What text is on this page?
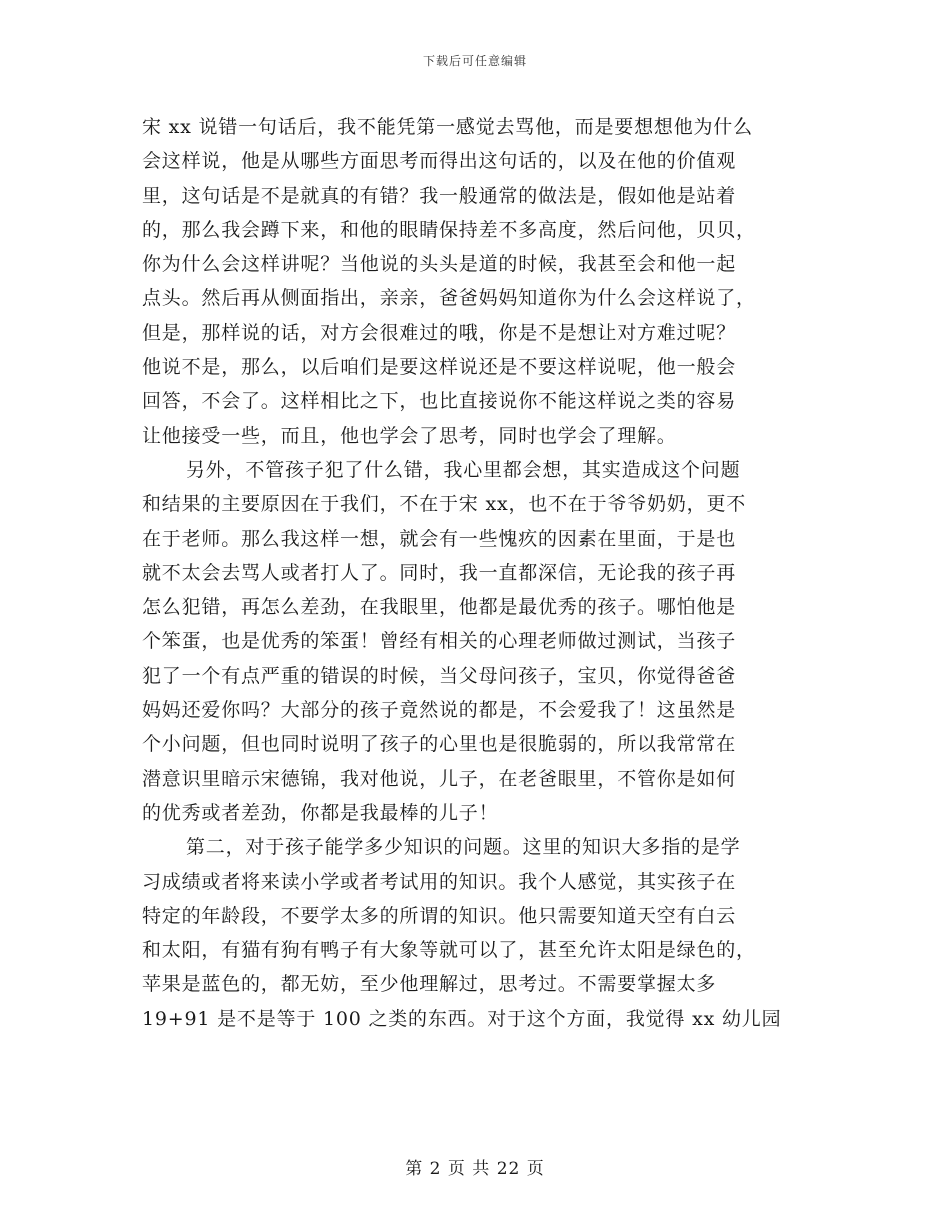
下载后可任意编辑
宋 xx 说错一句话后，我不能凭第一感觉去骂他，而是要想想他为什么
会这样说，他是从哪些方面思考而得出这句话的，以及在他的价值观
里，这句话是不是就真的有错？我一般通常的做法是，假如他是站着
的，那么我会蹲下来，和他的眼睛保持差不多高度，然后问他，贝贝，
你为什么会这样讲呢？当他说的头头是道的时候，我甚至会和他一起
点头。然后再从侧面指出，亲亲，爸爸妈妈知道你为什么会这样说了，
但是，那样说的话，对方会很难过的哦，你是不是想让对方难过呢？
他说不是，那么，以后咱们是要这样说还是不要这样说呢，他一般会
回答，不会了。这样相比之下，也比直接说你不能这样说之类的容易
让他接受一些，而且，他也学会了思考，同时也学会了理解。
另外，不管孩子犯了什么错，我心里都会想，其实造成这个问题
和结果的主要原因在于我们，不在于宋 xx，也不在于爷爷奶奶，更不
在于老师。那么我这样一想，就会有一些愧疚的因素在里面，于是也
就不太会去骂人或者打人了。同时，我一直都深信，无论我的孩子再
怎么犯错，再怎么差劲，在我眼里，他都是最优秀的孩子。哪怕他是
个笨蛋，也是优秀的笨蛋！曾经有相关的心理老师做过测试，当孩子
犯了一个有点严重的错误的时候，当父母问孩子，宝贝，你觉得爸爸
妈妈还爱你吗？大部分的孩子竟然说的都是，不会爱我了！这虽然是
个小问题，但也同时说明了孩子的心里也是很脆弱的，所以我常常在
潜意识里暗示宋德锦，我对他说，儿子，在老爸眼里，不管你是如何
的优秀或者差劲，你都是我最棒的儿子！
第二，对于孩子能学多少知识的问题。这里的知识大多指的是学
习成绩或者将来读小学或者考试用的知识。我个人感觉，其实孩子在
特定的年龄段，不要学太多的所谓的知识。他只需要知道天空有白云
和太阳，有猫有狗有鸭子有大象等就可以了，甚至允许太阳是绿色的，
苹果是蓝色的，都无妨，至少他理解过，思考过。不需要掌握太多
19+91 是不是等于 100 之类的东西。对于这个方面，我觉得 xx 幼儿园
第 2 页 共 22 页
